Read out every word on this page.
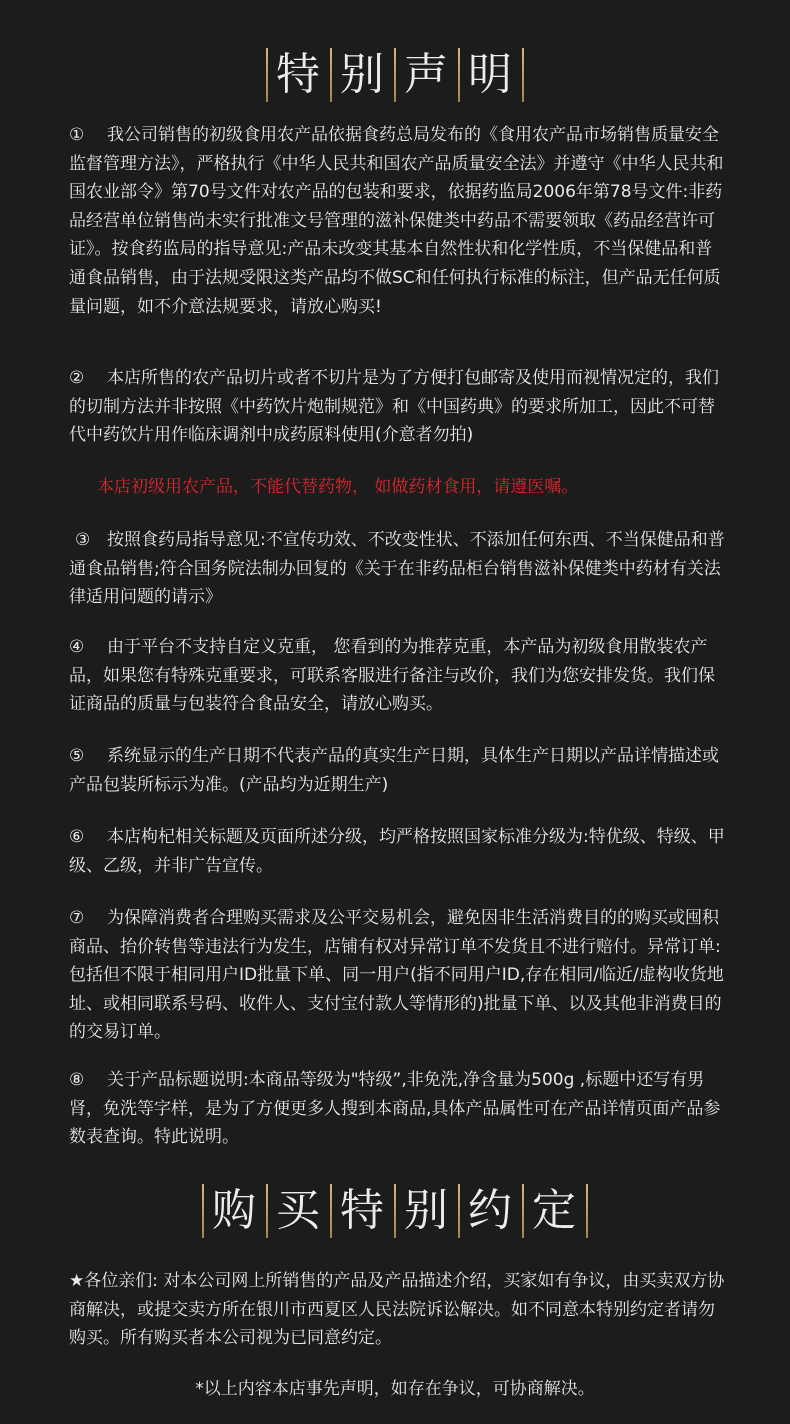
特 别 声 明

① 我公司销售的初级食用农产品依据食药总局发布的《食用农产品市场销售质量安全监督管理方法》，严格执行《中华人民共和国农产品质量安全法》并遵守《中华人民共和国农业部令》第70号文件对农产品的包装和要求，依据药监局2006年第78号文件:非药品经营单位销售尚未实行批准文号管理的滋补保健类中药品不需要领取《药品经营许可证》。按食药监局的指导意见:产品未改变其基本自然性状和化学性质，不当保健品和普通食品销售，由于法规受限这类产品均不做SC和任何执行标准的标注，但产品无任何质量问题，如不介意法规要求，请放心购买!

② 本店所售的农产品切片或者不切片是为了方便打包邮寄及使用而视情况定的，我们的切制方法并非按照《中药饮片炮制规范》和《中国药典》的要求所加工，因此不可替代中药饮片用作临床调剂中成药原料使用(介意者勿拍)

本店初级用农产品，不能代替药物， 如做药材食用，请遵医嘱。

③ 按照食药局指导意见:不宣传功效、不改变性状、不添加任何东西、不当保健品和普通食品销售;符合国务院法制办回复的《关于在非药品柜台销售滋补保健类中药材有关法律适用问题的请示》

④ 由于平台不支持自定义克重， 您看到的为推荐克重，本产品为初级食用散装农产品，如果您有特殊克重要求，可联系客服进行备注与改价，我们为您安排发货。我们保证商品的质量与包装符合食品安全，请放心购买。

⑤ 系统显示的生产日期不代表产品的真实生产日期，具体生产日期以产品详情描述或产品包装所标示为准。(产品均为近期生产)

⑥ 本店枸杞相关标题及页面所述分级，均严格按照国家标准分级为:特优级、特级、甲级、乙级，并非广告宣传。

⑦ 为保障消费者合理购买需求及公平交易机会，避免因非生活消费目的的购买或囤积商品、抬价转售等违法行为发生，店铺有权对异常订单不发货且不进行赔付。异常订单: 包括但不限于相同用户ID批量下单、同一用户(指不同用户ID,存在相同/临近/虚构收货地址、或相同联系号码、收件人、支付宝付款人等情形的)批量下单、以及其他非消费目的的交易订单。

⑧ 关于产品标题说明:本商品等级为"特级”,非免洗,净含量为500g ,标题中还写有男肾，免洗等字样，是为了方便更多人搜到本商品,具体产品属性可在产品详情页面产品参数表查询。特此说明。

购 买 特 别 约 定

★各位亲们: 对本公司网上所销售的产品及产品描述介绍，买家如有争议，由买卖双方协商解决，或提交卖方所在银川市西夏区人民法院诉讼解决。如不同意本特别约定者请勿购买。所有购买者本公司视为已同意约定。

*以上内容本店事先声明，如存在争议，可协商解决。
